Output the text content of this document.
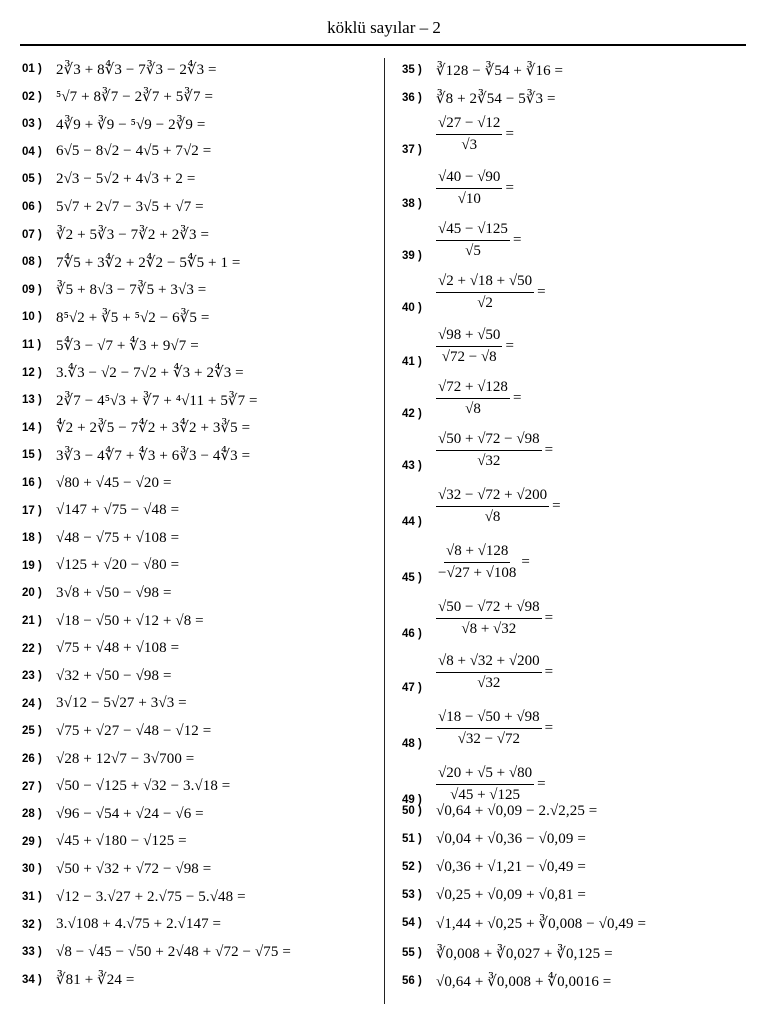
köklü sayılar – 2
01 ) 2∛3 + 8∜3 − 7∛3 − 2∜3 =
02 ) ⁵√7 + 8∛7 − 2∛7 + 5∛7 =
03 ) 4∛9 + ∛9 − ⁵√9 − 2∛9 =
04 ) 6√5 − 8√2 − 4√5 + 7√2 =
05 ) 2√3 − 5√2 + 4√3 + 2 =
06 ) 5√7 + 2√7 − 3√5 + √7 =
07 ) ∛2 + 5∛3 − 7∛2 + 2∛3 =
08 ) 7∜5 + 3∜2 + 2∜2 − 5∜5 + 1 =
09 ) ∛5 + 8√3 − 7∛5 + 3√3 =
10 ) 8⁵√2 + ∛5 + ⁵√2 − 6∛5 =
11 ) 5∜3 − √7 + ∜3 + 9√7 =
12 ) 3.∜3 − √2 − 7√2 + ∜3 + 2∜3 =
13 ) 2∛7 − 4⁵√3 + ∛7 + ⁴√11 + 5∛7 =
14 ) ∜2 + 2∛5 − 7∜2 + 3∜2 + 3∛5 =
15 ) 3∛3 − 4∜7 + ∜3 + 6∛3 − 4∜3 =
16 ) √80 + √45 − √20 =
17 ) √147 + √75 − √48 =
18 ) √48 − √75 + √108 =
19 ) √125 + √20 − √80 =
20 ) 3√8 + √50 − √98 =
21 ) √18 − √50 + √12 + √8 =
22 ) √75 + √48 + √108 =
23 ) √32 + √50 − √98 =
24 ) 3√12 − 5√27 + 3√3 =
25 ) √75 + √27 − √48 − √12 =
26 ) √28 + 12√7 − 3√700 =
27 ) √50 − √125 + √32 − 3.√18 =
28 ) √96 − √54 + √24 − √6 =
29 ) √45 + √180 − √125 =
30 ) √50 + √32 + √72 − √98 =
31 ) √12 − 3.√27 + 2.√75 − 5.√48 =
32 ) 3.√108 + 4.√75 + 2.√147 =
33 ) √8 − √45 − √50 + 2√48 + √72 − √75 =
34 ) ∛81 + ∛24 =
35 ) ∛128 − ∛54 + ∛16 =
36 ) ∛8 + 2∛54 − 5∛3 =
37 ) $\frac{√27 - √12}{√3}$ =
38 ) $\frac{√40 - √90}{√10}$ =
39 ) $\frac{√45 - √125}{√5}$ =
40 ) $\frac{√2 + √18 + √50}{√2}$ =
41 ) $\frac{√98 + √50}{√72 - √8}$ =
42 ) $\frac{√72 + √128}{√8}$ =
43 ) $\frac{√50 + √72 - √98}{√32}$ =
44 ) $\frac{√32 - √72 + √200}{√8}$ =
45 ) $\frac{√8 + √128}{-√27 + √108}$ =
46 ) $\frac{√50 - √72 + √98}{√8 + √32}$ =
47 ) $\frac{√8 + √32 + √200}{√32}$ =
48 ) $\frac{√18 - √50 + √98}{√32 - √72}$ =
49 ) $\frac{√20 + √5 + √80}{√45 + √125}$ =
50 ) √0,64 + √0,09 − 2.√2,25 =
51 ) √0,04 + √0,36 − √0,09 =
52 ) √0,36 + √1,21 − √0,49 =
53 ) √0,25 + √0,09 + √0,81 =
54 ) √1,44 + √0,25 + ∛0,008 − √0,49 =
55 ) ∛0,008 + ∛0,027 + ∛0,125 =
56 ) √0,64 + ∛0,008 + ∜0,0016 =
